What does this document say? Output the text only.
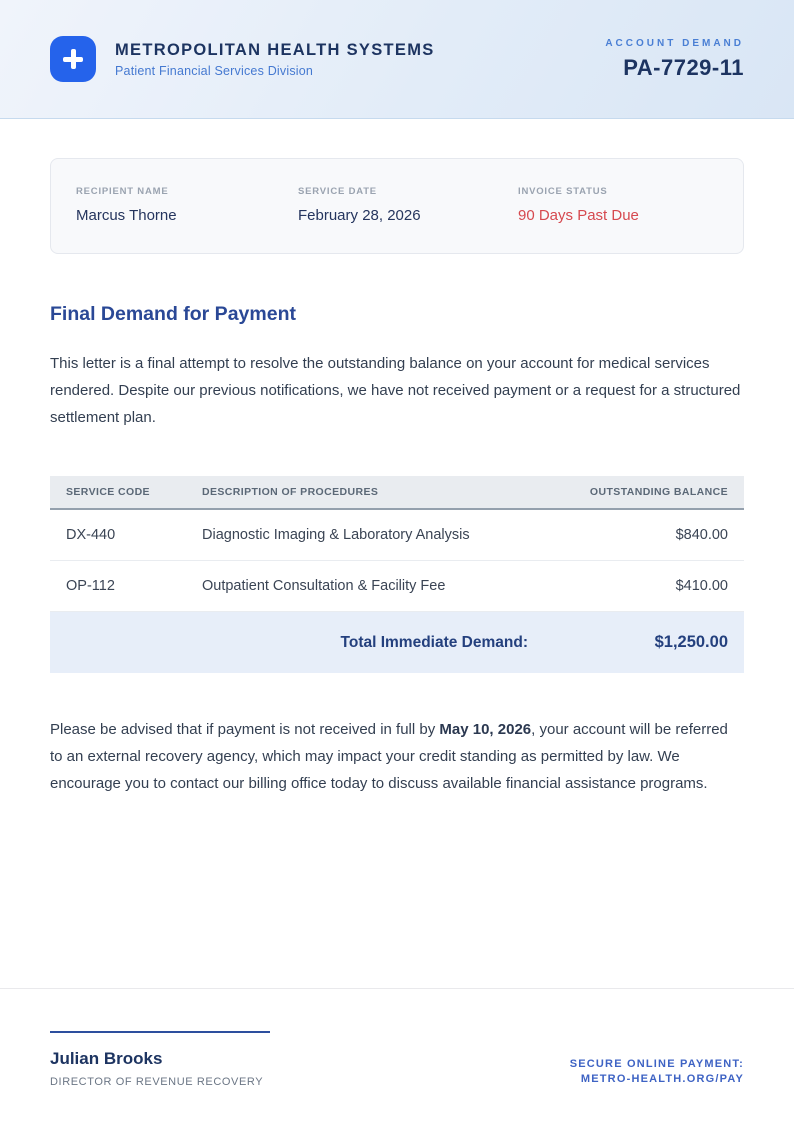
METROPOLITAN HEALTH SYSTEMS
Patient Financial Services Division
ACCOUNT DEMAND
PA-7729-11
RECIPIENT NAME
Marcus Thorne
SERVICE DATE
February 28, 2026
INVOICE STATUS
90 Days Past Due
Final Demand for Payment

This letter is a final attempt to resolve the outstanding balance on your account for medical services rendered. Despite our previous notifications, we have not received payment or a request for a structured settlement plan.

SERVICE CODE	DESCRIPTION OF PROCEDURES	OUTSTANDING BALANCE
DX-440	Diagnostic Imaging & Laboratory Analysis	$840.00
OP-112	Outpatient Consultation & Facility Fee	$410.00
Total Immediate Demand:	$1,250.00

Please be advised that if payment is not received in full by May 10, 2026, your account will be referred to an external recovery agency, which may impact your credit standing as permitted by law. We encourage you to contact our billing office today to discuss available financial assistance programs.

Julian Brooks
DIRECTOR OF REVENUE RECOVERY
SECURE ONLINE PAYMENT:
METRO-HEALTH.ORG/PAY
